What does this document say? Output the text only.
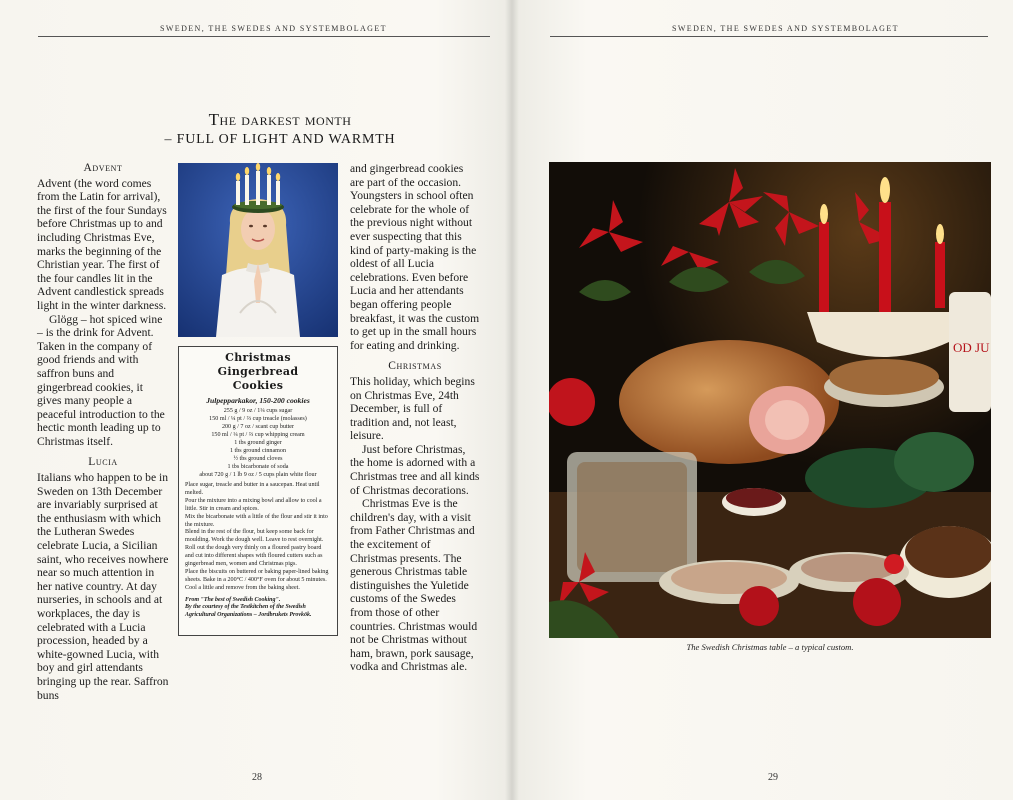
SWEDEN, THE SWEDES AND SYSTEMBOLAGET
The darkest month
– FULL OF LIGHT AND WARMTH
Advent

Advent (the word comes from the Latin for arrival), the first of the four Sundays before Christmas up to and including Christmas Eve, marks the beginning of the Christian year. The first of the four candles lit in the Advent candlestick spreads light in the winter darkness.

Glögg – hot spiced wine – is the drink for Advent. Taken in the company of good friends and with saffron buns and gingerbread cookies, it gives many people a peaceful introduction to the hectic month leading up to Christmas itself.

Lucia

Italians who happen to be in Sweden on 13th December are invariably surprised at the enthusiasm with which the Lutheran Swedes celebrate Lucia, a Sicilian saint, who receives nowhere near so much attention in her native country. At day nurseries, in schools and at workplaces, the day is celebrated with a Lucia procession, headed by a white-gowned Lucia, with boy and girl attendants bringing up the rear. Saffron buns

Christmas Gingerbread
Cookies
Julpepparkakor, 150-200 cookies
255 g / 9 oz / 1¼ cups sugar
150 ml / ¼ pt / ⅔ cup treacle (molasses)
200 g / 7 oz / scant cup butter
150 ml / ¼ pt / ⅔ cup whipping cream
1 tbs ground ginger
1 tbs ground cinnamon
½ tbs ground cloves
1 tbs bicarbonate of soda
about 720 g / 1 lb 9 oz / 5 cups plain white flour
Place sugar, treacle and butter in a saucepan. Heat until melted.
Pour the mixture into a mixing bowl and allow to cool a little. Stir in cream and spices.
Mix the bicarbonate with a little of the flour and stir it into the mixture.
Blend in the rest of the flour, but keep some back for moulding. Work the dough well. Leave to rest overnight.
Roll out the dough very thinly on a floured pastry board and cut into different shapes with floured cutters such as gingerbread men, women and Christmas pigs.
Place the biscuits on buttered or baking paper-lined baking sheets. Bake in a 200°C / 400°F oven for about 5 minutes.
Cool a little and remove from the baking sheet.
From "The best of Swedish Cooking".
By the courtesy of the Testkitchen of the Swedish Agricultural Organizations – Jordbrukets Provkök.

and gingerbread cookies are part of the occasion. Youngsters in school often celebrate for the whole of the previous night without ever suspecting that this kind of party-making is the oldest of all Lucia celebrations. Even before Lucia and her attendants began offering people breakfast, it was the custom to get up in the small hours for eating and drinking.

Christmas

This holiday, which begins on Christmas Eve, 24th December, is full of tradition and, not least, leisure.

Just before Christmas, the home is adorned with a Christmas tree and all kinds of Christmas decorations.

Christmas Eve is the children's day, with a visit from Father Christmas and the excitement of Christmas presents. The generous Christmas table distinguishes the Yuletide customs of the Swedes from those of other countries. Christmas would not be Christmas without ham, brawn, pork sausage, vodka and Christmas ale.

28
SWEDEN, THE SWEDES AND SYSTEMBOLAGET
OD JU
The Swedish Christmas table – a typical custom.
29
